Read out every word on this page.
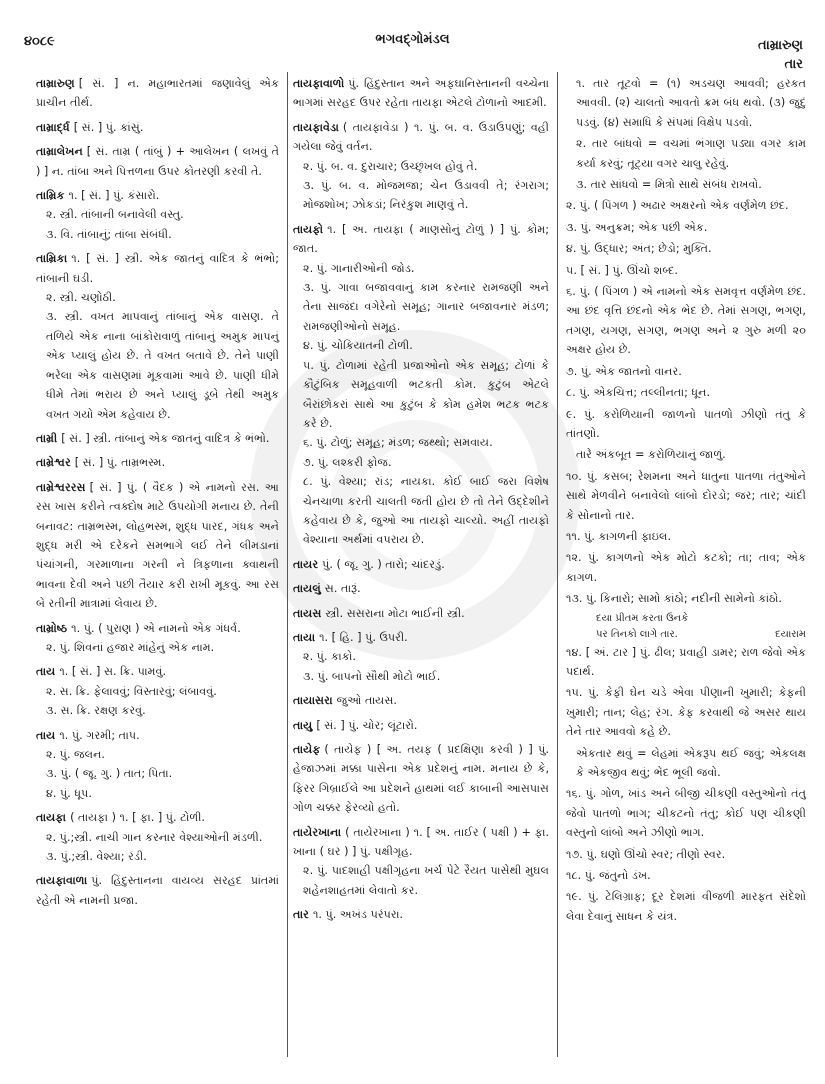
૪૦૮૯	ભગવદ્ગોમંડલ	તામ્રારુણ
તાર
તામ્રારુણ [ સં. ] ન. મહાભારતમાં જણાવેલું એક પ્રાચીન તીર્થ.
તામ્રાર્દ્ધ [ સં. ] પું. કાંસું.
તામ્રાલેખન [ સં. તામ્ર ( તાંબું ) + આલેખન ( લખવું તે ) ] ન. તાંબા અને પિત્તળના ઉપર કોતરણી કરવી તે.
તામ્રિક ૧. [ સં. ] પું. કંસારો.
૨. સ્ત્રી. તાંબાની બનાવેલી વસ્તુ.
૩. વિ. તાંબાનું; તાંબા સંબંધી.
તામ્રિકા ૧. [ સં. ] સ્ત્રી. એક જાતનું વાદિત્ર કે ભંભો; તાંબાની ઘડી.
૨. સ્ત્રી. ચણોઠી.
૩. સ્ત્રી. વખત માપવાનું તાંબાનું એક વાસણ. તે તળિયે એક નાના બાંકોરાવાળું તાંબાનું અમુક માપનું એક પ્યાલું હોય છે. તે વખત બતાવે છે. તેને પાણી ભરેલા એક વાસણમાં મૂકવામાં આવે છે. પાણી ધીમે ધીમે તેમાં ભરાય છે અને પ્યાલું ડૂબે તેથી અમુક વખત ગયો એમ કહેવાય છે.
તામ્રી [ સં. ] સ્ત્રી. તાંબાનું એક જાતનું વાદિત્ર કે ભંભો.
તામ્રેશ્વર [ સં. ] પું. તામ્રભસ્મ.
તામ્રેશ્વરરસ [ સં. ] પું. ( વૈદક ) એ નામનો રસ. આ રસ ખાસ કરીને ત્વક્દોષ માટે ઉપયોગી મનાય છે. તેની બનાવટ: તામ્રભસ્મ, લોહભસ્મ, શુદ્ધ પારદ, ગંધક અને શુદ્ધ મરી એ દરેકને સમભાગે લઈ તેને લીમડાનાં પંચાંગની, ગરમાળાના ગરની ને ત્રિફળાના ક્વાથની ભાવના દેવી અને પછી તૈયાર કરી રાખી મૂકવું. આ રસ બે રતીની માત્રામાં લેવાય છે.
તામ્રોષ્ઠ ૧. પું. ( પુરાણ ) એ નામનો એક ગંધર્વ.
૨. પું. શિવનાં હજાર માંહેનું એક નામ.
તાય ૧. [ સં. ] સ. ક્રિ. પામવું.
૨. સ. ક્રિ. ફેલાવવું; વિસ્તારવું; લંબાવવું.
૩. સ. ક્રિ. રક્ષણ કરવું.
તાય ૧. પું. ગરમી; તાપ.
૨. પું. જલન.
૩. પું. ( જૂ. ગુ. ) તાત; પિતા.
૪. પું. ધૂપ.
તાયફા ( તાયફા ) ૧. [ ફા. ] પું. ટોળી.
૨. પું.;સ્ત્રી. નાચી ગાન કરનાર વેશ્યાઓની મંડળી.
૩. પું.;સ્ત્રી. વેશ્યા; રંડી.
તાયફાવાળા પું. હિંદુસ્તાનના વાયવ્ય સરહદ પ્રાંતમાં રહેતી એ નામની પ્રજા.
તાયફાવાળો પું. હિંદુસ્તાન અને અફઘાનિસ્તાનની વચ્ચેના ભાગમાં સરહદ ઉપર રહેતા તાયફા એટલે ટોળાનો આદમી.
તાયફાવેડા ( તાયફાવેડા ) ૧. પું. બ. વ. ઉડાઉપણું; વહી ગયેલા જેવું વર્તન.
૨. પું. બ. વ. દુરાચાર; ઉચ્છૃંખલ હોવું તે.
૩. પું. બ. વ. મોજમજા; ચેન ઉડાવવી તે; રંગરાગ; મોજશોખ; ઝોકડાં; નિરંકુશ માણવું તે.
તાયફો ૧. [ અ. તાયફા ( માણસોનું ટોળું ) ] પું. કોમ; જાત.
૨. પું. ગાનારીઓની જોડ.
૩. પું. ગાવા બજાવવાનું કામ કરનાર રામજણી અને તેના સાજંદા વગેરેનો સમૂહ; ગાનાર બજાવનાર મંડળ; રામજણીઓનો સમૂહ.
૪. પું. ચોકિયાતની ટોળી.
૫. પું. ટોળામાં રહેતી પ્રજાઓનો એક સમૂહ; ટોળાં કે કૌટુંબિક સમૂહવાળી ભટકતી કોમ. કુટુંબ એટલે બૈરાંછોકરાં સાથે આ કુટુંબ કે કોમ હમેશ ભટક ભટક કરે છે.
૬. પું. ટોળું; સમૂહ; મંડળ; જથ્થો; સમવાય.
૭. પું. લશ્કરી ફોજ.
૮. પું. વેશ્યા; રાંડ; નાયકા. કોઈ બાઈ જરા વિશેષ ચેનચાળા કરતી ચાલતી જતી હોય છે તો તેને ઉદ્દેશીને કહેવાય છે કે, જુઓ આ તાયફો ચાલ્યો. અહીં તાયફો વેશ્યાના અર્થમાં વપરાય છે.
તાયર પું. ( જૂ. ગુ. ) તારો; ચાંદરડું.
તાયલું સ. તારૂં.
તાયસ સ્ત્રી. સસરાના મોટા ભાઈની સ્ત્રી.
તાયા ૧. [ હિ. ] પું. ઉપરી.
૨. પું. કાકો.
૩. પું. બાપનો સૌથી મોટો ભાઈ.
તાયાસરા જુઓ તાયસ.
તાયુ [ સં. ] પું. ચોર; લૂંટારો.
તાયેફ ( તાયેફ ) [ અ. તયફ ( પ્રદક્ષિણા કરવી ) ] પું. હેજાઝમાં મક્કા પાસેના એક પ્રદેશનું નામ. મનાય છે કે, ફિરર ગિબ્રાઈલે આ પ્રદેશને હાથમાં લઈ કાબાની આસપાસ ગોળ ચક્કર ફેરવ્યો હતો.
તાયેરખાના ( તાયેરખાના ) ૧. [ અ. તાઈર ( પક્ષી ) + ફા. ખાના ( ઘર ) ] પું. પક્ષીગૃહ.
૨. પું. પાદશાહી પક્ષીગૃહના ખર્ચ પેટે રૈયત પાસેથી મુઘલ શહેનશાહતમાં લેવાતો કર.
તાર ૧. પું. અખંડ પરંપરા.
૧. તાર તૂટવો = (૧) અડચણ આવવી; હરકત આવવી. (૨) ચાલતો આવતો ક્રમ બંધ થવો. (૩) જુદું પડવું. (૪) સમાધિ કે સંપમાં વિક્ષેપ પડવો.
૨. તાર બાંધવો = વચમાં ભંગાણ પડ્યા વગર કામ કર્યા કરવું; તૂટ્યા વગર ચાલુ રહેવું.
૩. તાર સાંધવો = મિત્રો સાથે સંબંધ રાખવો.
૨. પું. ( પિંગળ ) અઢાર અક્ષરનો એક વર્ણમેળ છંદ.
૩. પું. અનુક્રમ; એક પછી એક.
૪. પું. ઉદ્ધાર; અંત; છેડો; મુક્તિ.
૫. [ સં. ] પું. ઊંચો શબ્દ.
૬. પું. ( પિંગળ ) એ નામનો એક સમવૃત્ત વર્ણમેળ છંદ. આ છંદ વૃત્તિ છંદનો એક ભેદ છે. તેમાં સગણ, ભગણ, તગણ, યગણ, સગણ, ભગણ અને ૨ ગુરુ મળી ૨૦ અક્ષર હોય છે.
૭. પું. એક જાતનો વાનર.
૮. પું. એકચિત્ત; તલ્લીનતા; ધૂન.
૯. પું. કરોળિયાની જાળનો પાતળો ઝીણો તંતુ કે તાંતણો.
તારે અંકબૂત = કરોળિયાનું જાળું.
૧૦. પું. કસબ; રેશમના અને ધાતુના પાતળા તંતુઓને સાથે મેળવીને બનાવેલો લાંબો દોરડો; જર; તાર; ચાંદી કે સોનાનો તાર.
૧૧. પું. કાગળની ફાઇલ.
૧૨. પું. કાગળનો એક મોટો કટકો; તા; તાવ; એક કાગળ.
૧૩. પું. કિનારો; સામો કાંઠો; નદીની સામેનો કાંઠો.
દયા પ્રીતમ કરતા ઉનકે
દયારામ
પર તિનકો લાગે તાર.
૧૪. [ અં. ટાર ] પું. ઢીલ; પ્રવાહી ડામર; રાળ જેવો એક પદાર્થ.
૧૫. પું. કેફી ઘેન ચડે એવા પીણાની ખુમારી; કેફની ખુમારી; તાન; લેહ; રંગ. કેફ કરવાથી જે અસર થાય તેને તાર આવવો કહે છે.
એકતાર થવું = લેહમાં એકરૂપ થઈ જવું; એકલક્ષ કે એકજીવ થવું; ભેદ ભૂલી જવો.
૧૬. પું. ગોળ, ખાંડ અને બીજી ચીકણી વસ્તુઓનો તંતુ જેવો પાતળો ભાગ; ચીકટનો તંતુ; કોઈ પણ ચીકણી વસ્તુનો લાંબો અને ઝીણો ભાગ.
૧૭. પું. ઘણો ઊંચો સ્વર; તીણો સ્વર.
૧૮. પું. જંતુનો ડંખ.
૧૯. પું. ટેલિગ્રાફ; દૂર દેશમાં વીજળી મારફત સંદેશો લેવા દેવાનું સાધન કે યંત્ર.
